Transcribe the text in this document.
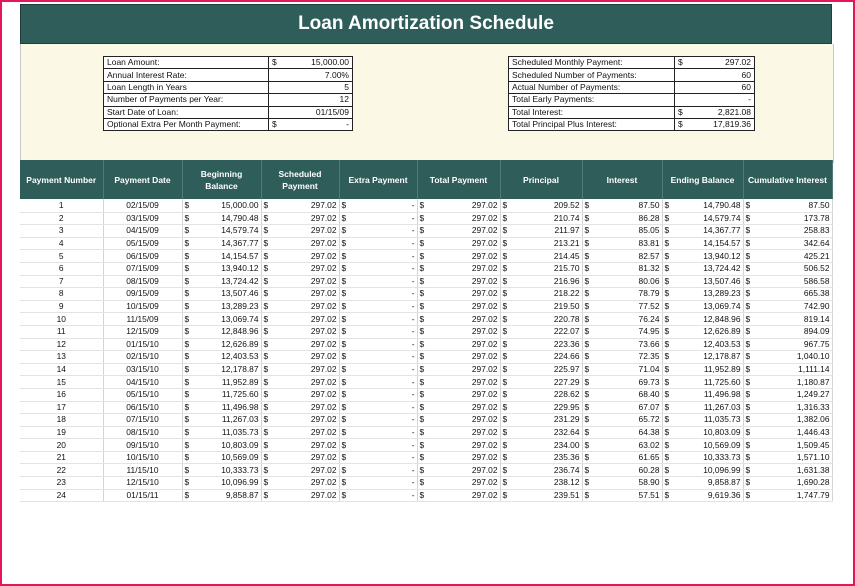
Loan Amortization Schedule
Loan Amount:	$	15,000.00
Annual Interest Rate:		7.00%
Loan Length in Years		5
Number of Payments per Year:		12
Start Date of Loan:		01/15/09
Optional Extra Per Month Payment:	$	-
Scheduled Monthly Payment:	$	297.02
Scheduled Number of Payments:		60
Actual Number of Payments:		60
Total Early Payments:		-
Total Interest:	$	2,821.08
Total Principal Plus Interest:	$	17,819.36
Payment Number	Payment Date	Beginning Balance	Scheduled Payment	Extra Payment	Total Payment	Principal	Interest	Ending Balance	Cumulative Interest
1	02/15/09	$ 15,000.00	$ 297.02	$ -	$ 297.02	$ 209.52	$ 87.50	$ 14,790.48	$ 87.50
2	03/15/09	$ 14,790.48	$ 297.02	$ -	$ 297.02	$ 210.74	$ 86.28	$ 14,579.74	$ 173.78
3	04/15/09	$ 14,579.74	$ 297.02	$ -	$ 297.02	$ 211.97	$ 85.05	$ 14,367.77	$ 258.83
4	05/15/09	$ 14,367.77	$ 297.02	$ -	$ 297.02	$ 213.21	$ 83.81	$ 14,154.57	$ 342.64
5	06/15/09	$ 14,154.57	$ 297.02	$ -	$ 297.02	$ 214.45	$ 82.57	$ 13,940.12	$ 425.21
6	07/15/09	$ 13,940.12	$ 297.02	$ -	$ 297.02	$ 215.70	$ 81.32	$ 13,724.42	$ 506.52
7	08/15/09	$ 13,724.42	$ 297.02	$ -	$ 297.02	$ 216.96	$ 80.06	$ 13,507.46	$ 586.58
8	09/15/09	$ 13,507.46	$ 297.02	$ -	$ 297.02	$ 218.22	$ 78.79	$ 13,289.23	$ 665.38
9	10/15/09	$ 13,289.23	$ 297.02	$ -	$ 297.02	$ 219.50	$ 77.52	$ 13,069.74	$ 742.90
10	11/15/09	$ 13,069.74	$ 297.02	$ -	$ 297.02	$ 220.78	$ 76.24	$ 12,848.96	$ 819.14
11	12/15/09	$ 12,848.96	$ 297.02	$ -	$ 297.02	$ 222.07	$ 74.95	$ 12,626.89	$ 894.09
12	01/15/10	$ 12,626.89	$ 297.02	$ -	$ 297.02	$ 223.36	$ 73.66	$ 12,403.53	$ 967.75
13	02/15/10	$ 12,403.53	$ 297.02	$ -	$ 297.02	$ 224.66	$ 72.35	$ 12,178.87	$ 1,040.10
14	03/15/10	$ 12,178.87	$ 297.02	$ -	$ 297.02	$ 225.97	$ 71.04	$ 11,952.89	$ 1,111.14
15	04/15/10	$ 11,952.89	$ 297.02	$ -	$ 297.02	$ 227.29	$ 69.73	$ 11,725.60	$ 1,180.87
16	05/15/10	$ 11,725.60	$ 297.02	$ -	$ 297.02	$ 228.62	$ 68.40	$ 11,496.98	$ 1,249.27
17	06/15/10	$ 11,496.98	$ 297.02	$ -	$ 297.02	$ 229.95	$ 67.07	$ 11,267.03	$ 1,316.33
18	07/15/10	$ 11,267.03	$ 297.02	$ -	$ 297.02	$ 231.29	$ 65.72	$ 11,035.73	$ 1,382.06
19	08/15/10	$ 11,035.73	$ 297.02	$ -	$ 297.02	$ 232.64	$ 64.38	$ 10,803.09	$ 1,446.43
20	09/15/10	$ 10,803.09	$ 297.02	$ -	$ 297.02	$ 234.00	$ 63.02	$ 10,569.09	$ 1,509.45
21	10/15/10	$ 10,569.09	$ 297.02	$ -	$ 297.02	$ 235.36	$ 61.65	$ 10,333.73	$ 1,571.10
22	11/15/10	$ 10,333.73	$ 297.02	$ -	$ 297.02	$ 236.74	$ 60.28	$ 10,096.99	$ 1,631.38
23	12/15/10	$ 10,096.99	$ 297.02	$ -	$ 297.02	$ 238.12	$ 58.90	$ 9,858.87	$ 1,690.28
24	01/15/11	$ 9,858.87	$ 297.02	$ -	$ 297.02	$ 239.51	$ 57.51	$ 9,619.36	$ 1,747.79
